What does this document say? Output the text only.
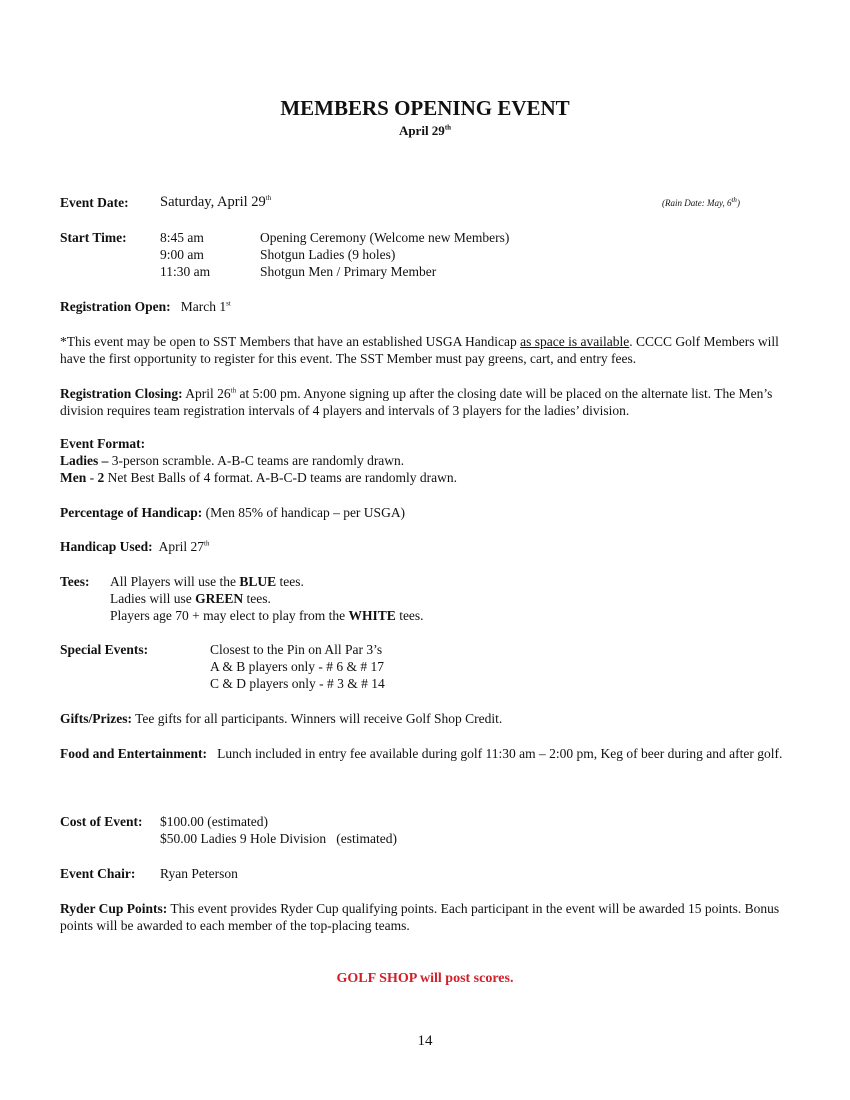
MEMBERS OPENING EVENT
April 29th
Event Date: Saturday, April 29th	(Rain Date: May, 6th)
Start Time: 8:45 am	Opening Ceremony (Welcome new Members)
9:00 am	Shotgun Ladies (9 holes)
11:30 am	Shotgun Men / Primary Member
Registration Open: March 1st
*This event may be open to SST Members that have an established USGA Handicap as space is available. CCCC Golf Members will have the first opportunity to register for this event. The SST Member must pay greens, cart, and entry fees.
Registration Closing: April 26th at 5:00 pm. Anyone signing up after the closing date will be placed on the alternate list. The Men’s division requires team registration intervals of 4 players and intervals of 3 players for the ladies’ division.
Event Format:
Ladies – 3-person scramble. A-B-C teams are randomly drawn.
Men - 2 Net Best Balls of 4 format. A-B-C-D teams are randomly drawn.
Percentage of Handicap: (Men 85% of handicap – per USGA)
Handicap Used:  April 27th
Tees: All Players will use the BLUE tees.
Ladies will use GREEN tees.
Players age 70 + may elect to play from the WHITE tees.
Special Events:	Closest to the Pin on All Par 3’s
A & B players only - # 6 & # 17
C & D players only - # 3 & # 14
Gifts/Prizes: Tee gifts for all participants. Winners will receive Golf Shop Credit.
Food and Entertainment:   Lunch included in entry fee available during golf 11:30 am – 2:00 pm, Keg of beer during and after golf.
Cost of Event: $100.00 (estimated)
$50.00 Ladies 9 Hole Division   (estimated)
Event Chair: Ryan Peterson
Ryder Cup Points: This event provides Ryder Cup qualifying points. Each participant in the event will be awarded 15 points. Bonus points will be awarded to each member of the top-placing teams.
GOLF SHOP will post scores.
14
